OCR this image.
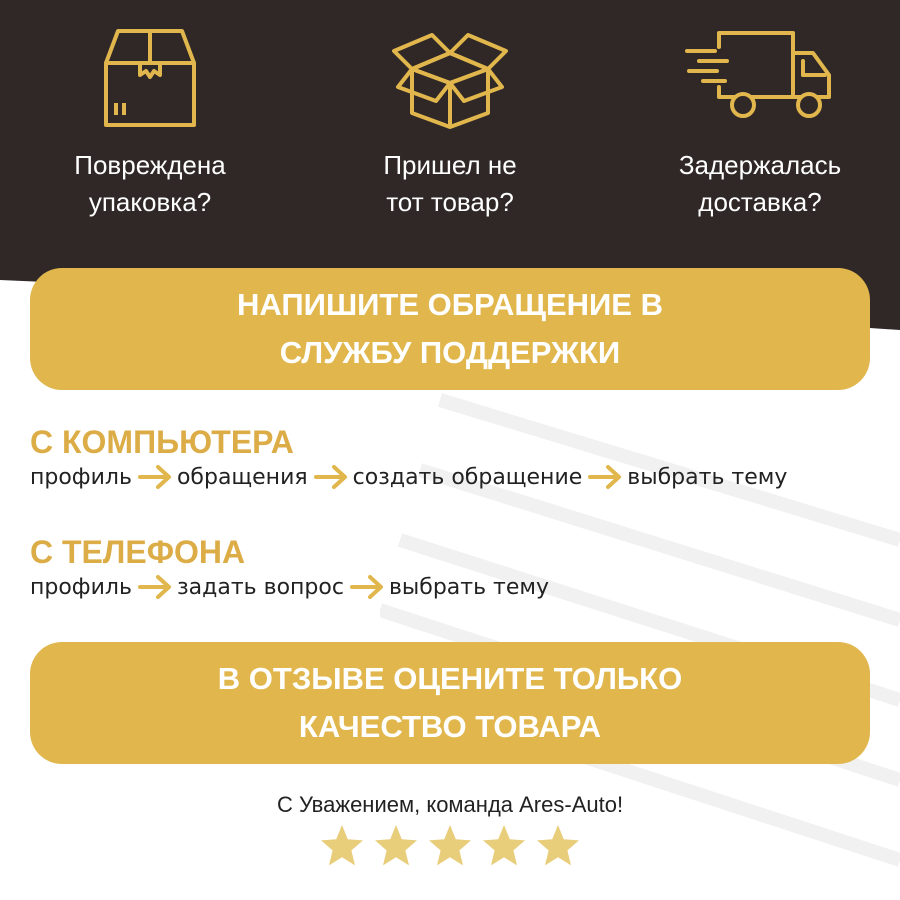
Повреждена
упаковка?
Пришел не
тот товар?
Задержалась
доставка?
НАПИШИТЕ ОБРАЩЕНИЕ В
СЛУЖБУ ПОДДЕРЖКИ
С КОМПЬЮТЕРА
профиль обращения создать обращение выбрать тему
С ТЕЛЕФОНА
профиль задать вопрос выбрать тему
В ОТЗЫВЕ ОЦЕНИТЕ ТОЛЬКО
КАЧЕСТВО ТОВАРА
С Уважением, команда Ares-Auto!
